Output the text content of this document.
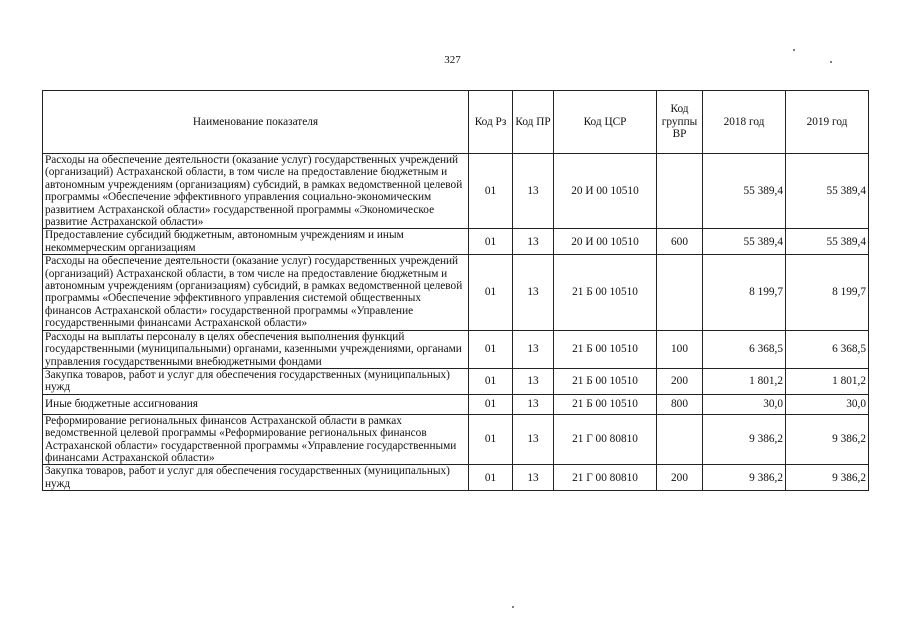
327
Наименование показателя	Код Рз	Код ПР	Код ЦСР	Код группы ВР	2018 год	2019 год
Расходы на обеспечение деятельности (оказание услуг) государственных учреждений (организаций) Астраханской области, в том числе на предоставление бюджетным и автономным учреждениям (организациям) субсидий, в рамках ведомственной целевой программы «Обеспечение эффективного управления социально-экономическим развитием Астраханской области» государственной программы «Экономическое развитие Астраханской области»	01	13	20 И 00 10510		55 389,4	55 389,4
Предоставление субсидий бюджетным, автономным учреждениям и иным некоммерческим организациям	01	13	20 И 00 10510	600	55 389,4	55 389,4
Расходы на обеспечение деятельности (оказание услуг) государственных учреждений (организаций) Астраханской области, в том числе на предоставление бюджетным и автономным учреждениям (организациям) субсидий, в рамках ведомственной целевой программы «Обеспечение эффективного управления системой общественных финансов Астраханской области» государственной программы «Управление государственными финансами Астраханской области»	01	13	21 Б 00 10510		8 199,7	8 199,7
Расходы на выплаты персоналу в целях обеспечения выполнения функций государственными (муниципальными) органами, казенными учреждениями, органами управления государственными внебюджетными фондами	01	13	21 Б 00 10510	100	6 368,5	6 368,5
Закупка товаров, работ и услуг для обеспечения государственных (муниципальных) нужд	01	13	21 Б 00 10510	200	1 801,2	1 801,2
Иные бюджетные ассигнования	01	13	21 Б 00 10510	800	30,0	30,0
Реформирование региональных финансов Астраханской области в рамках ведомственной целевой программы «Реформирование региональных финансов Астраханской области» государственной программы «Управление государственными финансами Астраханской области»	01	13	21 Г 00 80810		9 386,2	9 386,2
Закупка товаров, работ и услуг для обеспечения государственных (муниципальных) нужд	01	13	21 Г 00 80810	200	9 386,2	9 386,2
